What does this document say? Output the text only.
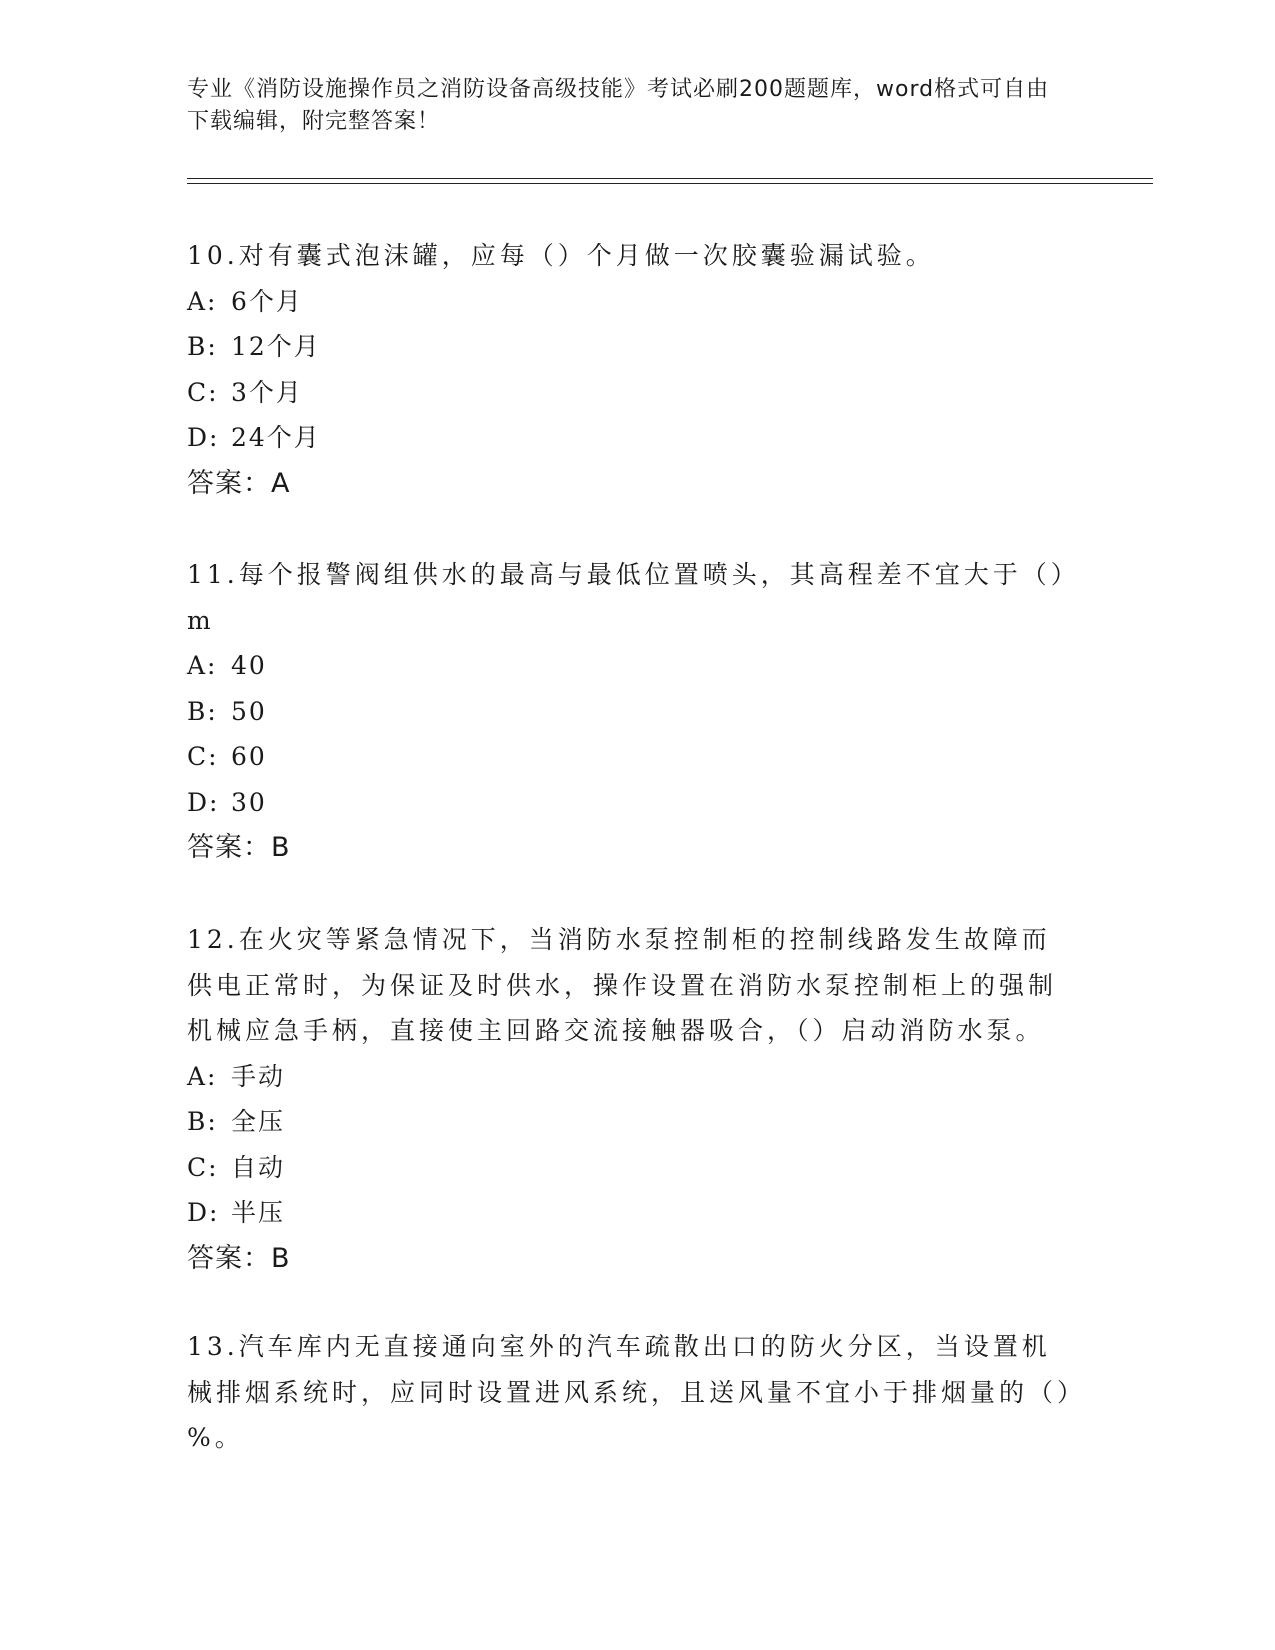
专业《消防设施操作员之消防设备高级技能》考试必刷200题题库，word格式可自由下载编辑，附完整答案！

10.对有囊式泡沫罐，应每（）个月做一次胶囊验漏试验。

A: 6个月
B: 12个月
C: 3个月
D: 24个月

答案：A

11.每个报警阀组供水的最高与最低位置喷头，其高程差不宜大于（）m

A: 40
B: 50
C: 60
D: 30

答案：B

12.在火灾等紧急情况下，当消防水泵控制柜的控制线路发生故障而供电正常时，为保证及时供水，操作设置在消防水泵控制柜上的强制机械应急手柄，直接使主回路交流接触器吸合，（）启动消防水泵。

A: 手动
B: 全压
C: 自动
D: 半压

答案：B

13.汽车库内无直接通向室外的汽车疏散出口的防火分区，当设置机械排烟系统时，应同时设置进风系统，且送风量不宜小于排烟量的（）%。
